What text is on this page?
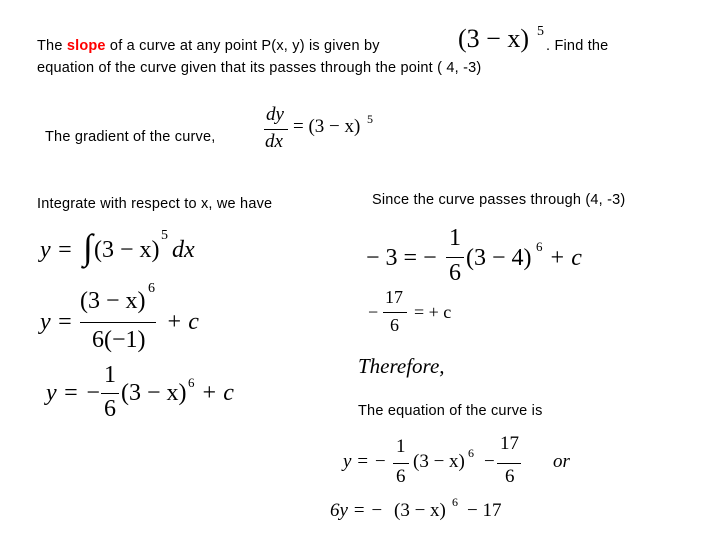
The slope of a curve at any point P(x, y) is given by	(3 − x) 5
. Find the
equation of the curve given that its passes through the point ( 4, -3)
The gradient of the curve,
dy
dx
= (3 − x) 5
Integrate with respect to x, we have
y = ∫ (3 − x)
5
dx
y =
(3 − x) 6
6(−1)
+ c
y = −
1
6
(3 − x) 6 + c
Since the curve passes through (4, -3)
− 3 = −
1
6
(3 − 4) 6 + c
−
17
6
= + c
Therefore,
The equation of the curve is
y = −
1
6
(3 − x) 6 −
17
6
or
6y = − (3 − x) 6 − 17
